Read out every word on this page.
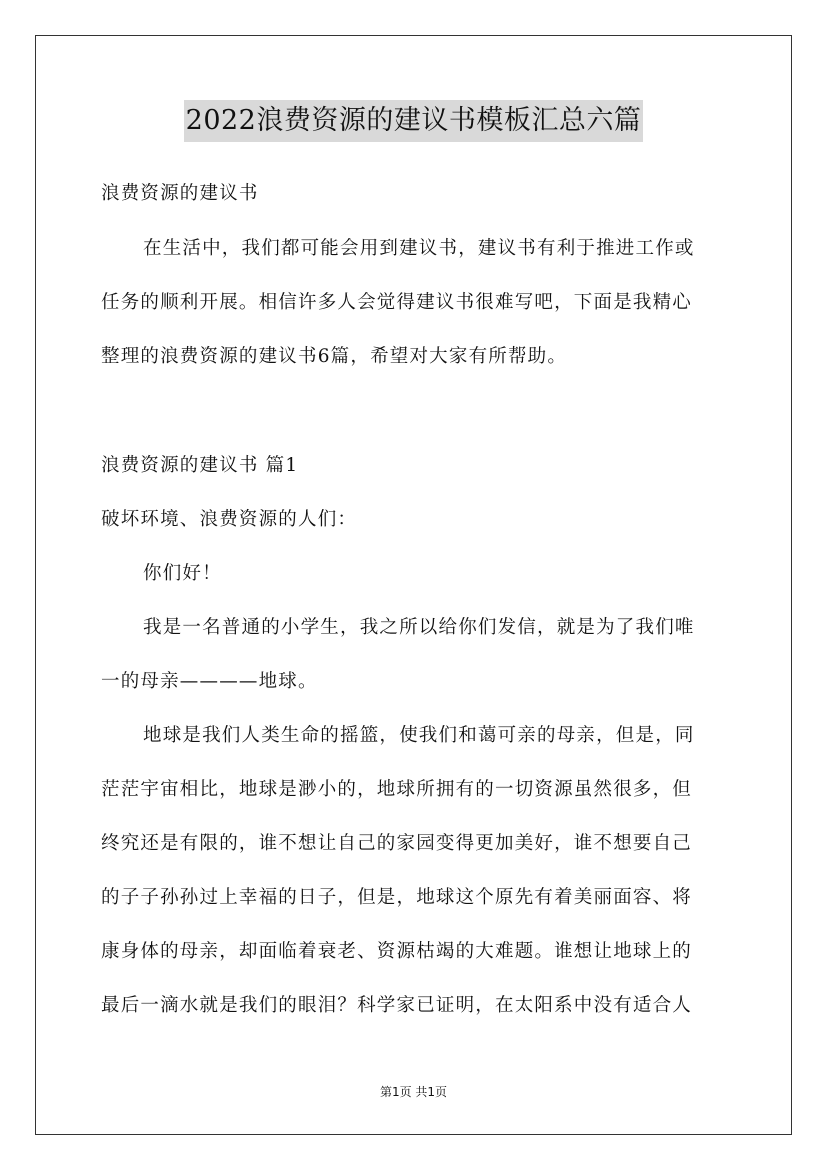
2022浪费资源的建议书模板汇总六篇
浪费资源的建议书
在生活中，我们都可能会用到建议书，建议书有利于推进工作或
任务的顺利开展。相信许多人会觉得建议书很难写吧，下面是我精心
整理的浪费资源的建议书6篇，希望对大家有所帮助。
浪费资源的建议书 篇1
破坏环境、浪费资源的人们：
你们好！
我是一名普通的小学生，我之所以给你们发信，就是为了我们唯
一的母亲————地球。
地球是我们人类生命的摇篮，使我们和蔼可亲的母亲，但是，同
茫茫宇宙相比，地球是渺小的，地球所拥有的一切资源虽然很多，但
终究还是有限的，谁不想让自己的家园变得更加美好，谁不想要自己
的子子孙孙过上幸福的日子，但是，地球这个原先有着美丽面容、将
康身体的母亲，却面临着衰老、资源枯竭的大难题。谁想让地球上的
最后一滴水就是我们的眼泪？科学家已证明，在太阳系中没有适合人
第1页 共1页
